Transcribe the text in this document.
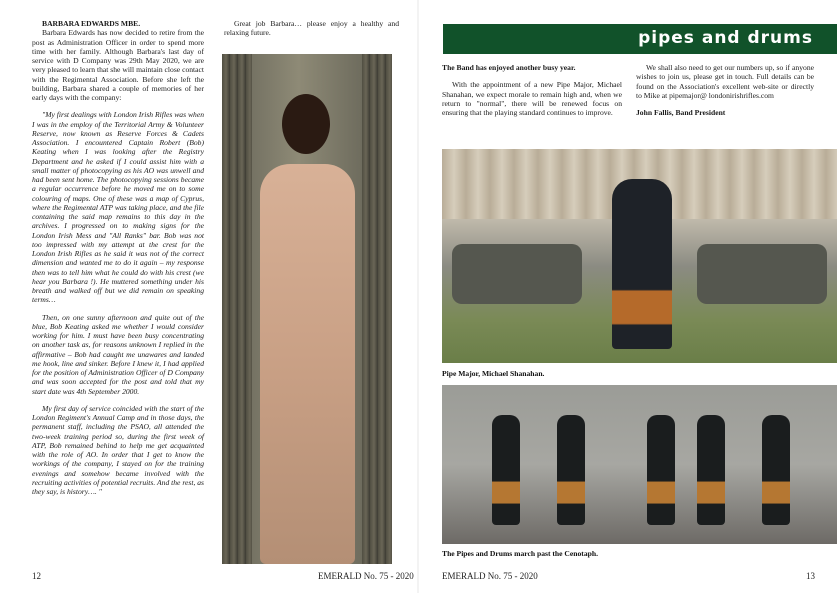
BARBARA EDWARDS MBE.

Barbara Edwards has now decided to retire from the post as Administration Officer in order to spend more time with her family. Although Barbara's last day of service with D Company was 29th May 2020, we are very pleased to learn that she will maintain close contact with the Regimental Association. Before she left the building, Barbara shared a couple of memories of her early days with the company:

"My first dealings with London Irish Rifles was when I was in the employ of the Territorial Army & Volunteer Reserve, now known as Reserve Forces & Cadets Association. I encountered Captain Robert (Bob) Keating when I was looking after the Registry Department and he asked if I could assist him with a small matter of photocopying as his AO was unwell and had been sent home. The photocopying sessions became a regular occurrence before he moved me on to some colouring of maps. One of these was a map of Cyprus, where the Regimental ATP was taking place, and the file containing the said map remains to this day in the archives. I progressed on to making signs for the London Irish Mess and "All Ranks" bar. Bob was not too impressed with my attempt at the crest for the London Irish Rifles as he said it was not of the correct dimension and wanted me to do it again – my response then was to tell him what he could do with his crest (we hear you Barbara !). He muttered something under his breath and walked off but we did remain on speaking terms…

Then, on one sunny afternoon and quite out of the blue, Bob Keating asked me whether I would consider working for him. I must have been busy concentrating on another task as, for reasons unknown I replied in the affirmative – Bob had caught me unawares and landed me hook, line and sinker. Before I knew it, I had applied for the position of Administration Officer of D Company and was soon accepted for the post and told that my start date was 4th September 2000.

My first day of service coincided with the start of the London Regiment's Annual Camp and in those days, the permanent staff, including the PSAO, all attended the two-week training period so, during the first week of ATP, Bob remained behind to help me get acquainted with the role of AO. In order that I get to know the workings of the company, I stayed on for the training evenings and somehow became involved with the recruiting activities of potential recruits. And the rest, as they say, is history…. "

Great job Barbara… please enjoy a healthy and relaxing future.

12	EMERALD No. 75 - 2020
pipes and drums

The Band has enjoyed another busy year.

With the appointment of a new Pipe Major, Michael Shanahan, we expect morale to remain high and, when we return to "normal", there will be renewed focus on ensuring that the playing standard continues to improve.

We shall also need to get our numbers up, so if anyone wishes to join us, please get in touch. Full details can be found on the Association's excellent web-site or directly to Mike at pipemajor@ londonirishrifles.com

John Fallis, Band President

Pipe Major, Michael Shanahan.
The Pipes and Drums march past the Cenotaph.
EMERALD No. 75 - 2020	13
